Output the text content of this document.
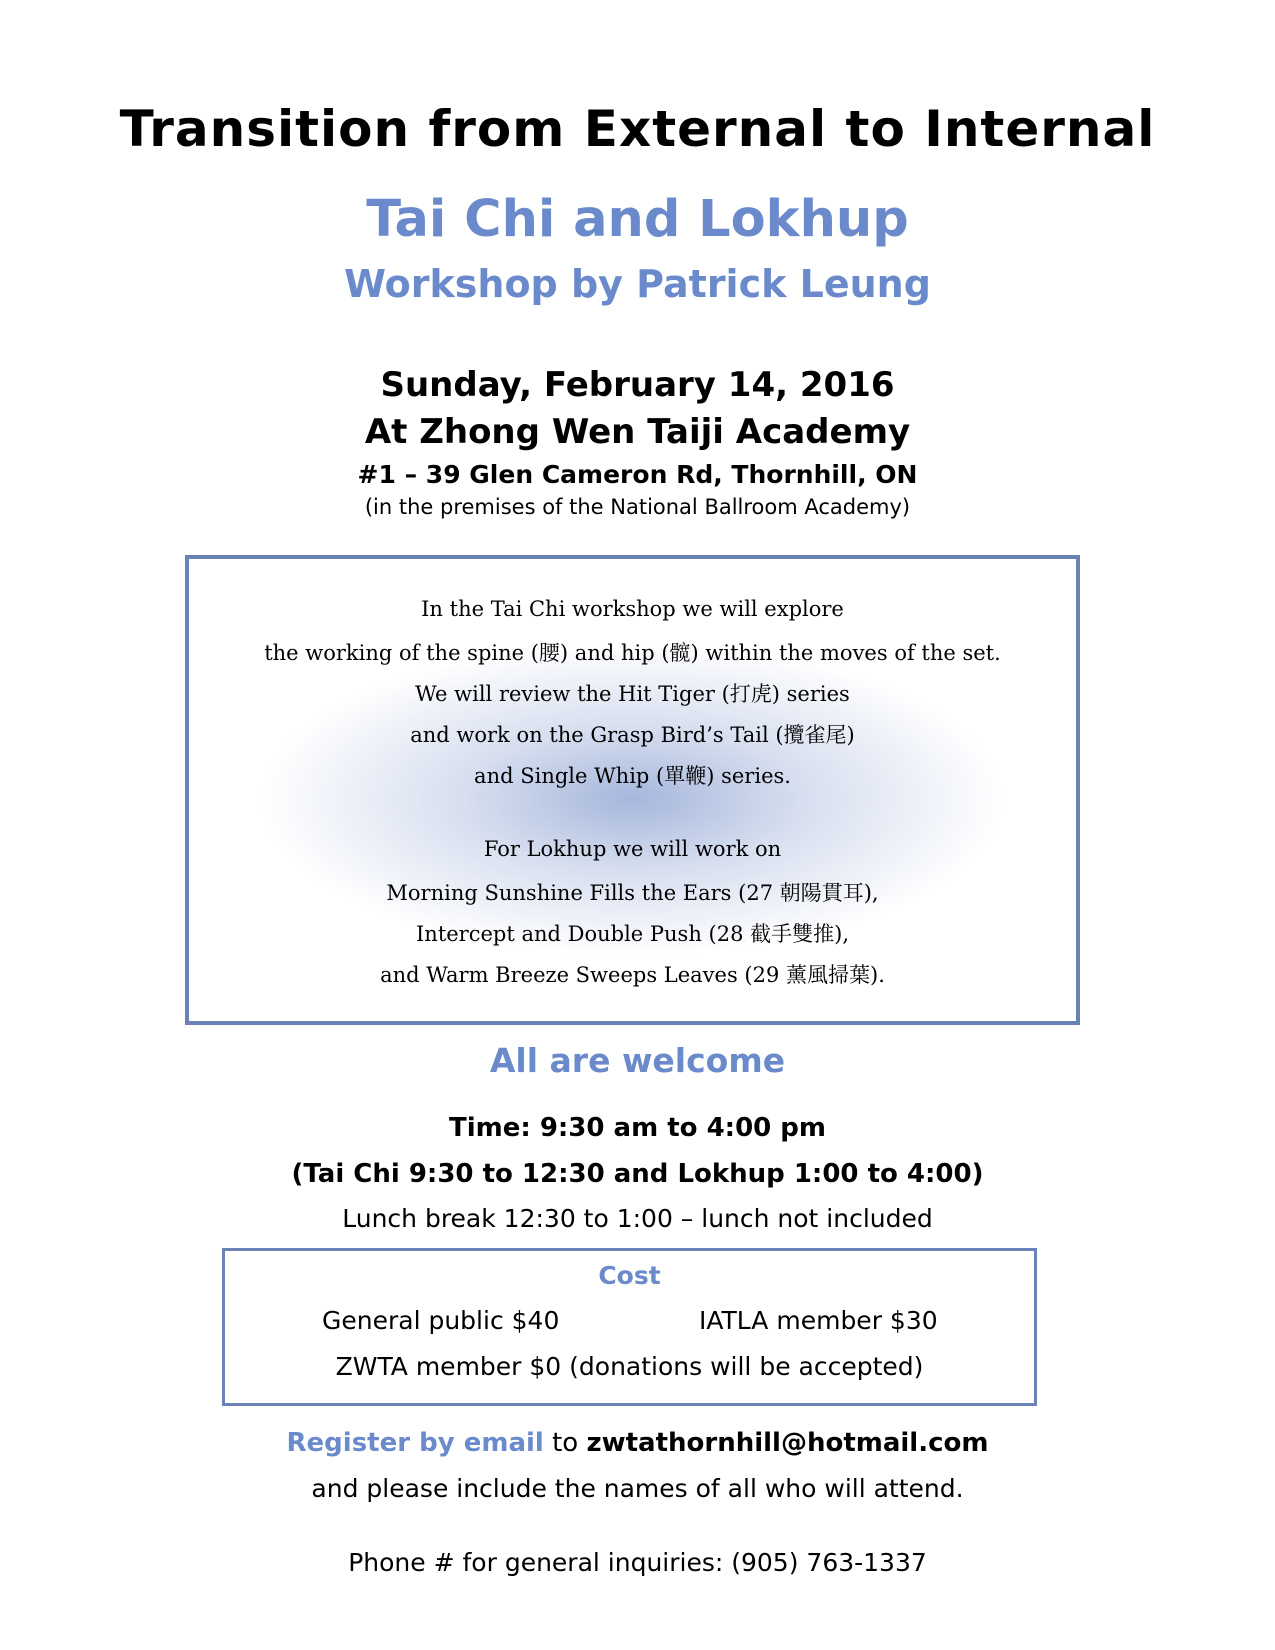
Transition from External to Internal
Tai Chi and Lokhup
Workshop by Patrick Leung
Sunday, February 14, 2016
At Zhong Wen Taiji Academy
#1 – 39 Glen Cameron Rd, Thornhill, ON
(in the premises of the National Ballroom Academy)
In the Tai Chi workshop we will explore
the working of the spine (腰) and hip (髋) within the moves of the set.
We will review the Hit Tiger (打虎) series
and work on the Grasp Bird’s Tail (攬雀尾)
and Single Whip (單鞭) series.
For Lokhup we will work on
Morning Sunshine Fills the Ears (27 朝陽貫耳),
Intercept and Double Push (28 截手雙推),
and Warm Breeze Sweeps Leaves (29 薰風掃葉).
All are welcome
Time: 9:30 am to 4:00 pm
(Tai Chi 9:30 to 12:30 and Lokhup 1:00 to 4:00)
Lunch break 12:30 to 1:00 – lunch not included
Cost
General public $40	IATLA member $30
ZWTA member $0 (donations will be accepted)
Register by email to zwtathornhill@hotmail.com
and please include the names of all who will attend.
Phone # for general inquiries: (905) 763-1337
